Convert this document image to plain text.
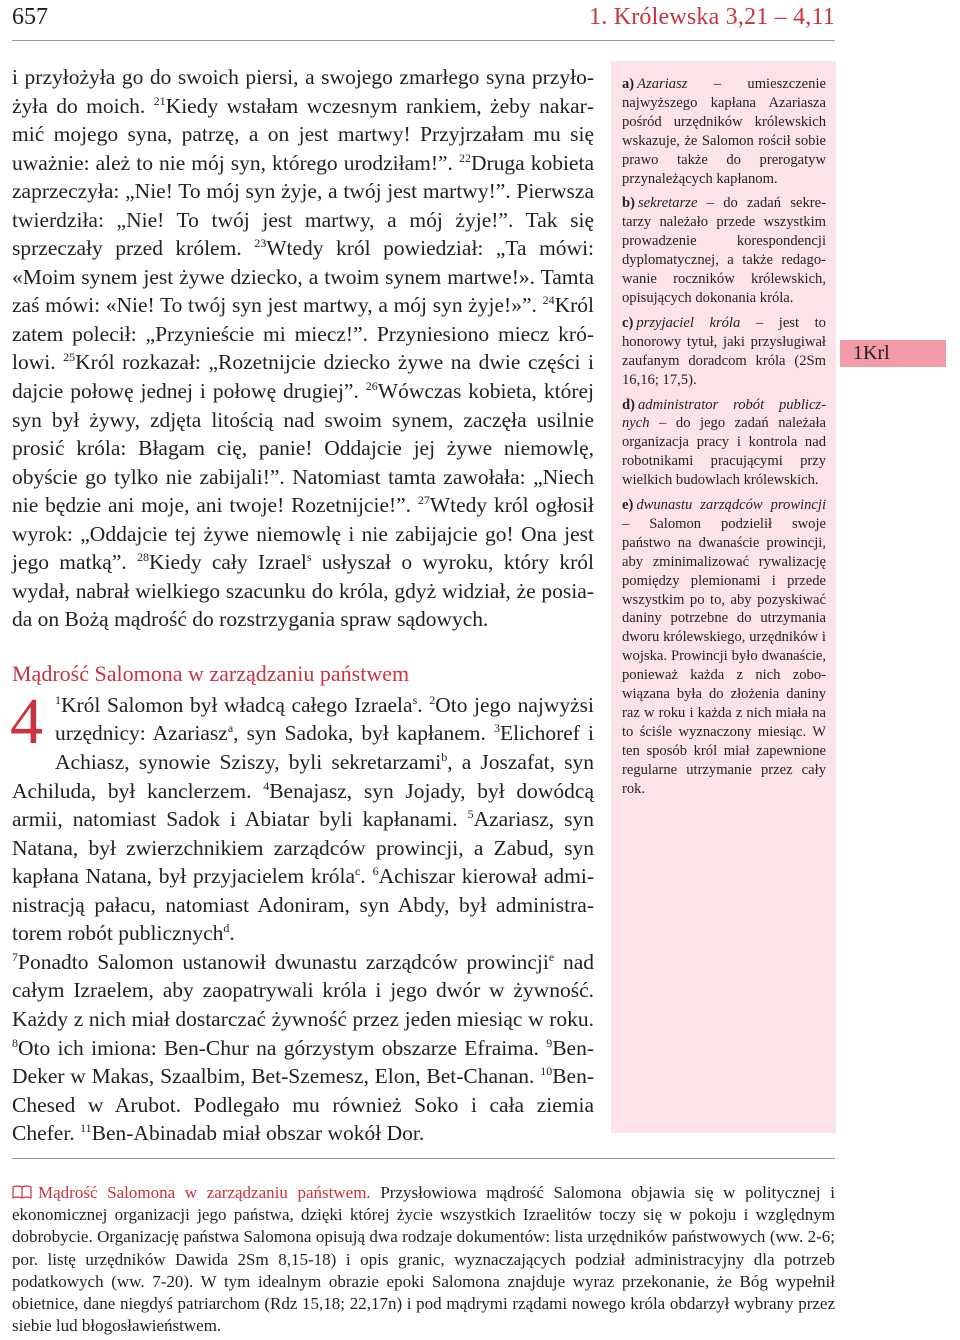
657	1. Królewska 3,21 – 4,11

i przyłożyła go do swoich piersi, a swojego zmarłego syna przyłożyła do moich. $^{21}$Kiedy wstałam wczesnym rankiem, żeby nakarmić mojego syna, patrzę, a on jest martwy! Przyjrzałam mu się uważnie: ależ to nie mój syn, którego urodziłam!”. $^{22}$Druga kobieta zaprzeczyła: „Nie! To mój syn żyje, a twój jest martwy!”. Pierwsza twierdziła: „Nie! To twój jest martwy, a mój żyje!”. Tak się sprzeczały przed królem. $^{23}$Wtedy król powiedział: „Ta mówi: «Moim synem jest żywe dziecko, a twoim synem martwe!». Tamta zaś mówi: «Nie! To twój syn jest martwy, a mój syn żyje!»”. $^{24}$Król zatem polecił: „Przynieście mi miecz!”. Przyniesiono miecz królowi. $^{25}$Król rozkazał: „Rozetnijcie dziecko żywe na dwie części i dajcie połowę jednej i połowę drugiej”. $^{26}$Wówczas kobieta, której syn był żywy, zdjęta litością nad swoim synem, zaczęła usilnie prosić króla: Błagam cię, panie! Oddajcie jej żywe niemowlę, obyście go tylko nie zabijali!”. Natomiast tamta zawołała: „Niech nie będzie ani moje, ani twoje! Rozetnijcie!”. $^{27}$Wtedy król ogłosił wyrok: „Oddajcie tej żywe niemowlę i nie zabijajcie go! Ona jest jego matką”. $^{28}$Kiedy cały Izrael$^s$ usłyszał o wyroku, który król wydał, nabrał wielkiego szacunku do króla, gdyż widział, że posiada on Bożą mądrość do rozstrzygania spraw sądowych.

Mądrość Salomona w zarządzaniu państwem

4 $^1$Król Salomon był władcą całego Izraela$^s$. $^2$Oto jego najwyżsi urzędnicy: Azariasz$^a$, syn Sadoka, był kapłanem. $^3$Elichoref i Achiasz, synowie Sziszy, byli sekretarzami$^b$, a Joszafat, syn Achiluda, był kanclerzem. $^4$Benajasz, syn Jojady, był dowódcą armii, natomiast Sadok i Abiatar byli kapłanami. $^5$Azariasz, syn Natana, był zwierzchnikiem zarządców prowincji, a Zabud, syn kapłana Natana, był przyjacielem króla$^c$. $^6$Achiszar kierował administracją pałacu, natomiast Adoniram, syn Abdy, był administratorem robót publicznych$^d$.

$^7$Ponadto Salomon ustanowił dwunastu zarządców prowincji$^e$ nad całym Izraelem, aby zaopatrywali króla i jego dwór w żywność. Każdy z nich miał dostarczać żywność przez jeden miesiąc w roku. $^8$Oto ich imiona: Ben-Chur na górzystym obszarze Efraima. $^9$Ben-Deker w Makas, Szaalbim, Bet-Szemesz, Elon, Bet-Chanan. $^{10}$Ben-Chesed w Arubot. Podlegało mu również Soko i cała ziemia Chefer. $^{11}$Ben-Abinadab miał obszar wokół Dor.

a) Azariasz – umieszczenie najwyższego kapłana Azariasza pośród urzędników królewskich wskazuje, że Salomon rościł sobie prawo także do prerogatyw przynależących kapłanom.

b) sekretarze – do zadań sekretarzy należało przede wszystkim prowadzenie korespondencji dyplomatycznej, a także redagowanie roczników królewskich, opisujących dokonania króla.

c) przyjaciel króla – jest to honorowy tytuł, jaki przysługiwał zaufanym doradcom króla (2Sm 16,16; 17,5).

d) administrator robót publicznych – do jego zadań należała organizacja pracy i kontrola nad robotnikami pracującymi przy wielkich budowlach królewskich.

e) dwunastu zarządców prowincji – Salomon podzielił swoje państwo na dwanaście prowincji, aby zminimalizować rywalizację pomiędzy plemionami i przede wszystkim po to, aby pozyskiwać daniny potrzebne do utrzymania dworu królewskiego, urzędników i wojska. Prowincji było dwanaście, ponieważ każda z nich zobowiązana była do złożenia daniny raz w roku i każda z nich miała na to ściśle wyznaczony miesiąc. W ten sposób król miał zapewnione regularne utrzymanie przez cały rok.

1Krl
Mądrość Salomona w zarządzaniu państwem. Przysłowiowa mądrość Salomona objawia się w politycznej i ekonomicznej organizacji jego państwa, dzięki której życie wszystkich Izraelitów toczy się w pokoju i względnym dobrobycie. Organizację państwa Salomona opisują dwa rodzaje dokumentów: lista urzędników państwowych (ww. 2-6; por. listę urzędników Dawida 2Sm 8,15-18) i opis granic, wyznaczających podział administracyjny dla potrzeb podatkowych (ww. 7-20). W tym idealnym obrazie epoki Salomona znajduje wyraz przekonanie, że Bóg wypełnił obietnice, dane niegdyś patriarchom (Rdz 15,18; 22,17n) i pod mądrymi rządami nowego króla obdarzył wybrany przez siebie lud błogosławieństwem.
